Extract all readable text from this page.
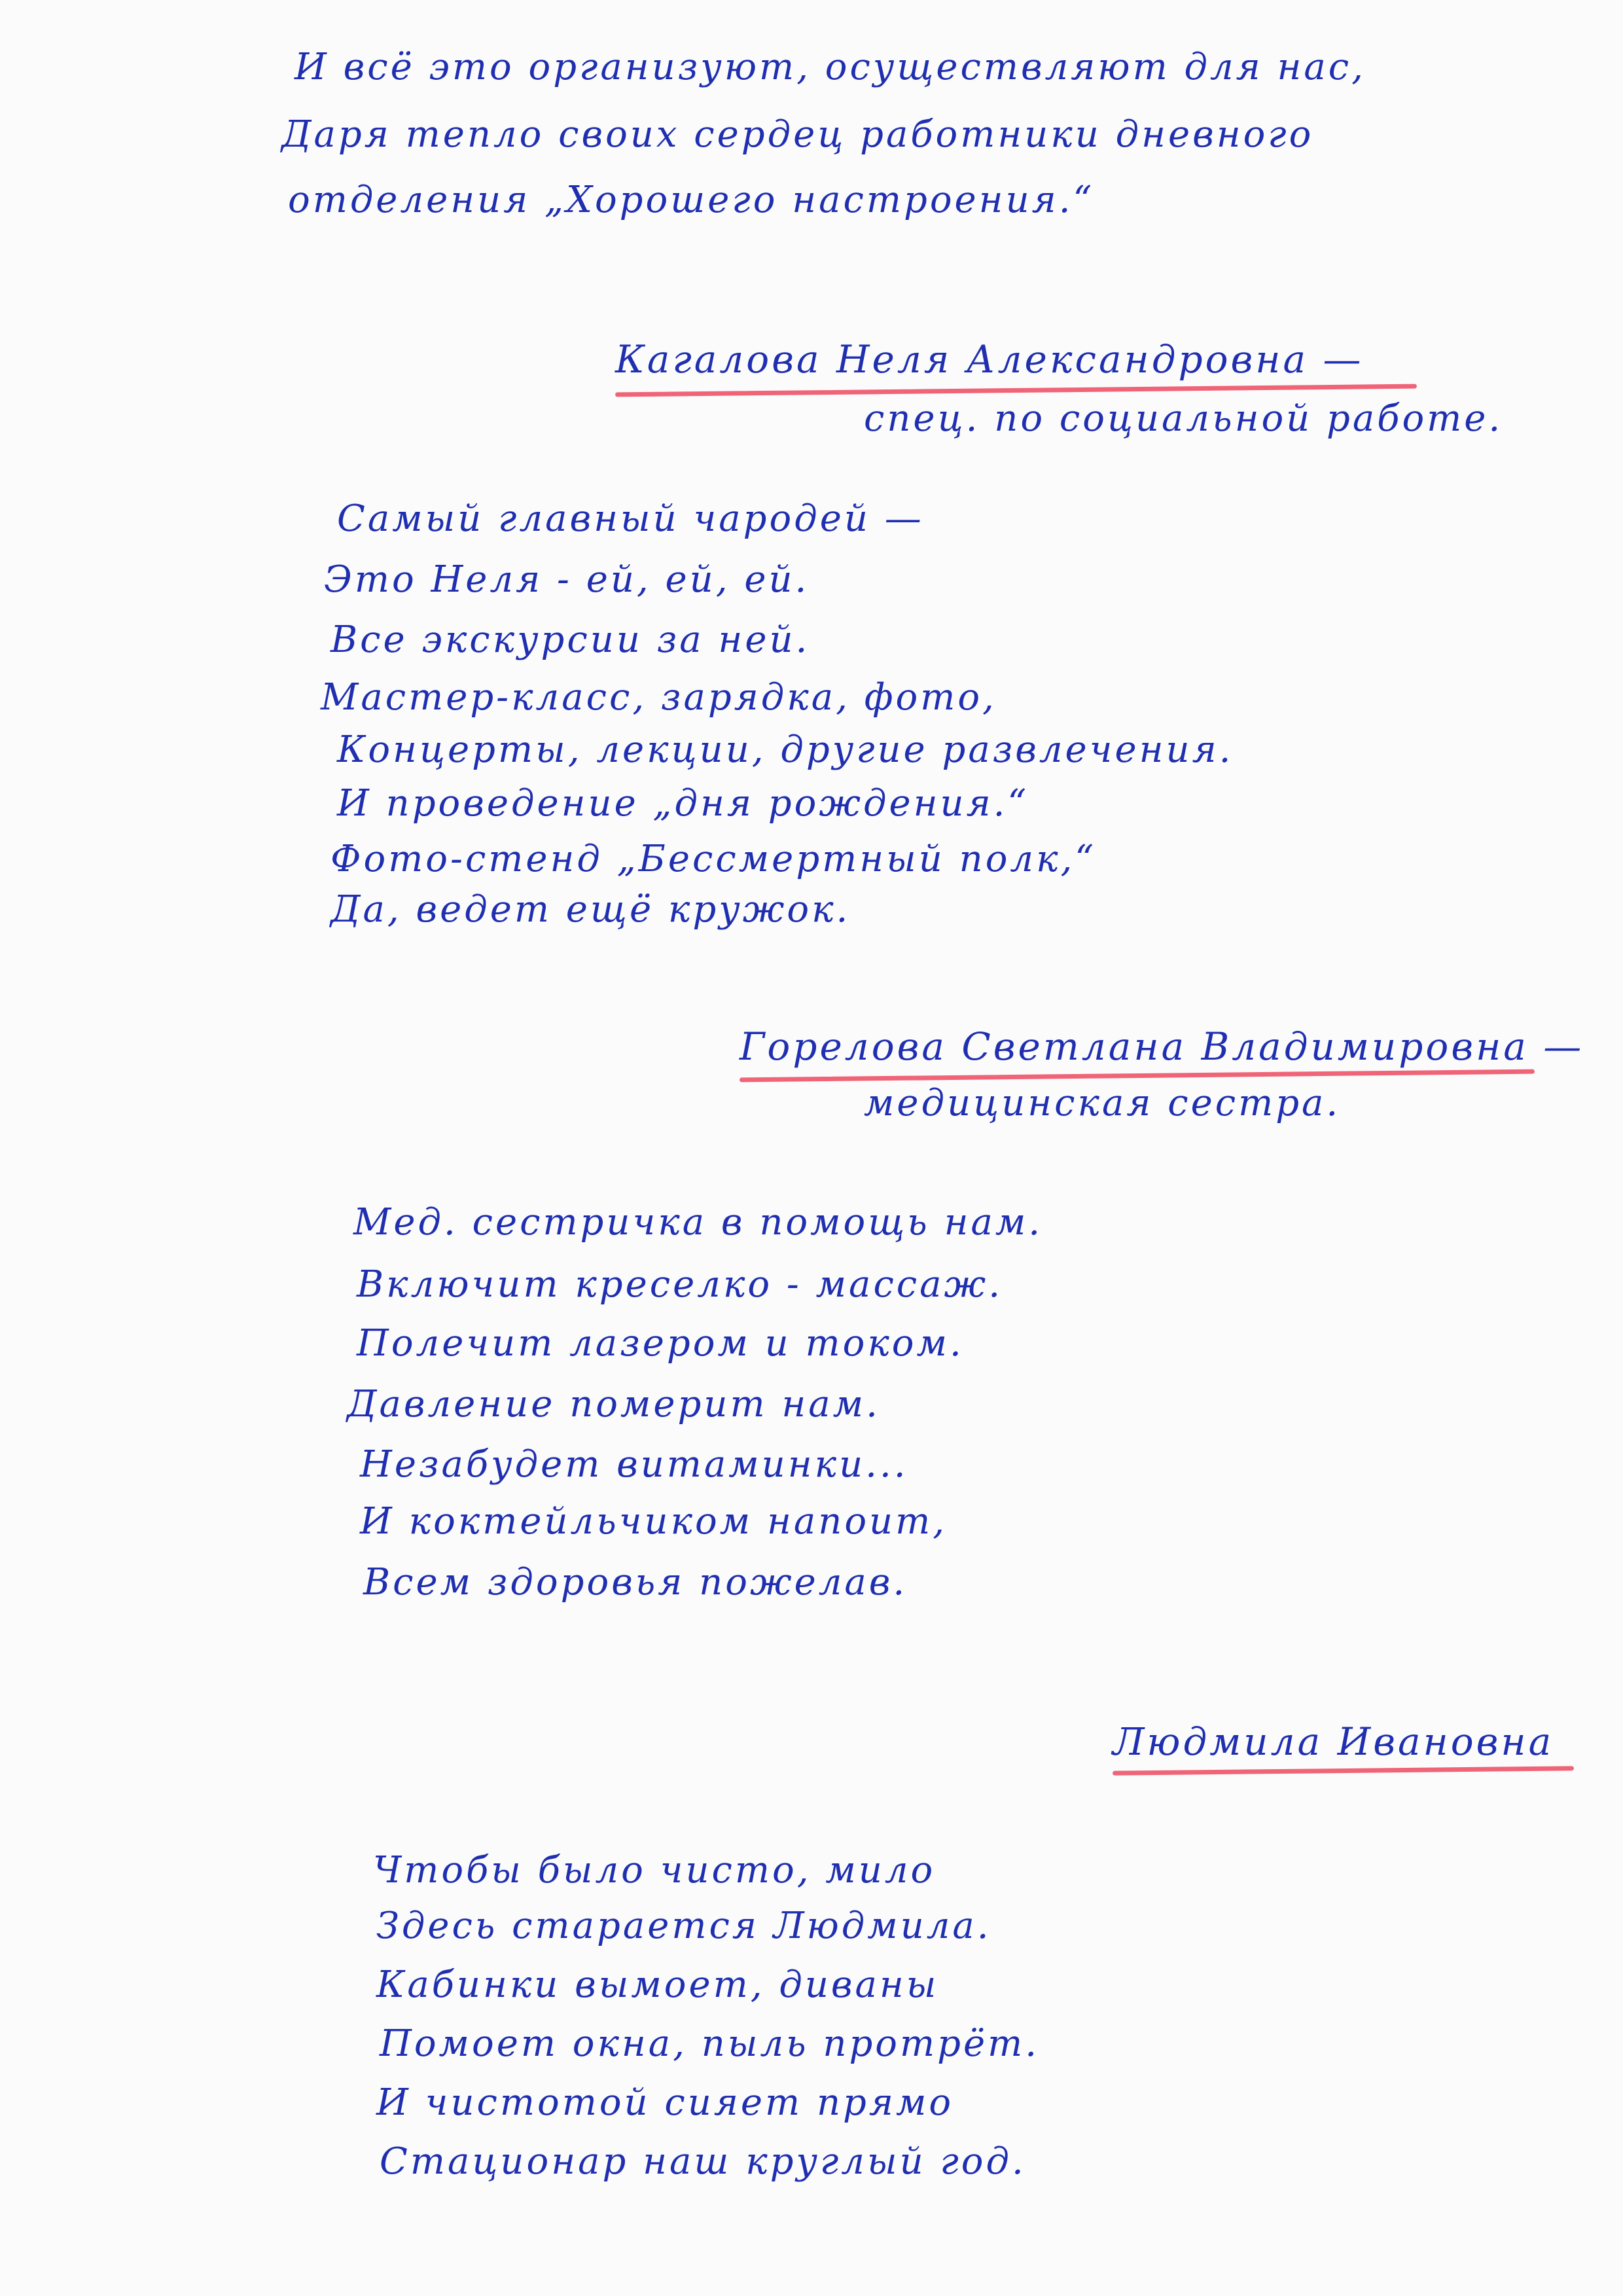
И всё это организуют, осуществляют для нас,
Даря тепло своих сердец работники дневного
отделения „Хорошего настроения.“
Кагалова Неля Александровна —
спец. по социальной работе.
Самый главный чародей —
Это Неля - ей, ей, ей.
Все экскурсии за ней.
Мастер-класс, зарядка, фото,
Концерты, лекции, другие развлечения.
И проведение „дня рождения.“
Фото-стенд „Бессмертный полк,“
Да, ведет ещё кружок.
Горелова Светлана Владимировна —
медицинская сестра.
Мед. сестричка в помощь нам.
Включит креселко - массаж.
Полечит лазером и током.
Давление померит нам.
Незабудет витаминки...
И коктейльчиком напоит,
Всем здоровья пожелав.
Людмила Ивановна
Чтобы было чисто, мило
Здесь старается Людмила.
Кабинки вымоет, диваны
Помоет окна, пыль протрёт.
И чистотой сияет прямо
Стационар наш круглый год.
